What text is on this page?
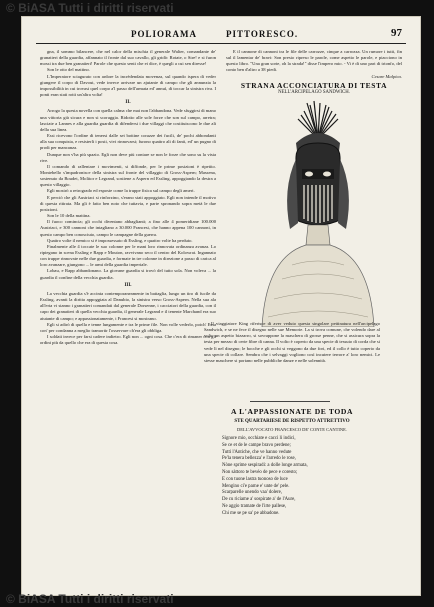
© BiASA Tutti i diritti riservati
POLIORAMA	PITTORESCO.	97

gna, il sommo bilancere, che nel calor della mischia il generale Walter, comandante de' granatieri della guardia, affannato il fronte dal suo cavallo, gli gridò: Rotate, o Sire! e si furon mossi tra due ben granatieri! Parole che questo senti che ei dice, è quegli a cui sen diresse!

Son le otto del mattino.

L'Imperatore sciagurato con ardore la incrèdendata movenza, sul quando ispera di veder giungere il corpo di Davout, vede invece arrivare un ajutante di campo che gli annunzia la impossibilità in cui trovasi quel corpo a'l passo dell'armata ed' annuì, di toccar la sinistra riva. I ponti eran stati rotti un'altra volta!

II.

Arrogo la questa novella con quella calma che mai non l'abbandona. Vede sfuggirsi di mano una vittoria già sicura e non si scoraggia. Ridotto alle sole forze che son sul campo, arretra; lasciate a Lannes e alla guardia guardia di difendersi i due villaggi che costituiscono le due ali della sua linea.

Essi ricevono l'ordine di tenersi dalle sei bottine corazze dei fucili, de' pochi abbondanti alla sua conquista, e resisterli i posti, vivi rinnovarsi; furono quattro ali di fanti, ed' un pugno di prodi per mancanza.

Dunque non v'ha più spazio. Egli non deve più contare se non le forze che sono su la vista rive.

Il comando di rallentare i movimenti, si diffonde, per le prime posizioni è ripetito. Montebello s'impadronisce della sinistra sul fronte del villaggio di Gross-Aspern; Massena, sostenuto da Boudet, Molitor e Legrand, sostiene a Aspern ed Essling, appoggiando la destra a questo villaggio.

Egli mostrò a retrogrado ed esposte come la truppe fisica sul campo degli ameri.

E perciò che gli Austriaci si rinforzino, s'erano stati appoggiato. Egli non intende il motivo di questa ritirata. Ma gli è fatto ben noto che tuttavia, e parte spronando sopra metà le due posizioni.

Son le 10 della mattina.

Il fuoco comincia; gli occhi diventano abbaglianti; a fino alle 4 pomeridiane 100.000 Austriaci, e 300 cannoni che intagliano a 30.000 Francesi, che hanno appena 100 cannoni, in questo campo ben conosciuto, campo le campagne della guerra.

Quattro volte il nemico si è impossessato di Essling, e quattro volte ha perduto.

Finalmente alle 4 toccate le suo colonne per le mani loro rinnovata ordinanza avanza. Lo ripiegano in scena Essling e Rapp e Mouton, ravvivano seco il centro del Kolowrat. Ingannato con truppe rinnovate nelle due guardia, e formate in tre colonne in direzione a passo di carica al loro avanzare, giungono ... le armi della guardia imperiale.

Lobau, e Rapp abbandonano. La giovane guardia si trovò del tutto sola. Non voleva ... la guardia il confine della vecchia guardia.

III.

La vecchia guardia s'è accinta contemporaneamente in battaglia, lungo un tiro di fucile da Essling, avanti la diritta appoggiata al Danubio, la sinistra verso Gross-Aspern. Nella sua ala all'erta vi stanno i granatieri comandati dal generale Dorsenne, i cacciatori della guardia, con il capo dei granatieri di quella vecchia guardia, il generale Legrand e il tenente Marchand era suo aiutante di campo; e appassionatamente, i Francesi si mostrano.

Egli si adirò di quella e tenne lungamente e tra le prime file. Non volle vederlo, poich' Essa con' per condanna a meglio tramortir l'osservare ch'era gli obbliga.

I soldati invece per farsi cadere indietro. Egli non ... ogni cosa. Che c'era di rimaner con gli ordini più da quello che era di questa cosa.

E il cannone di cannoni tra le file delle carrozze, cinque a carrozza. Un rumore i tutti, fin sul il lamentar de' bravi: Son presto ripreso le parole, come aspetto le parole, e piacciono in questo libro. "Una gran sorte, oh la strada!" disse l'impero mio. - Vi è di uno pari di trionfo, del conto ben d'altro a 38 piedi.

Cesare Malpica.

STRANA ACCONCIATURA DI TESTA
NELL'ARCIPELAGO SANDWICH.

Il viaggiatore King riferisce di aver veduto questa singolare pettinatura nell'arcipelago Sandwich, e se ne fece il disegno nelle sue Memorie. La si trova comune, che volendo dare al volto un aspetto bizzarro, si sovrappone la maschera di grosse penne, che si assicura sopra la testa per mezzo di certe fibre di canna. Il volto è coperto da una specie di tessuto di corda che si vede lì nel disegno; le bocche e gli occhi si veggono da due fori, ed il collo è tutto coperto da una specie di collare. Sembra che i selvaggi vogliono così incutere terrore a' loro nemici. Le stesse maschere si portano nelle pubbliche danze e nelle solennità.

A L'APPASSIONATE DE TODA
STE QUARTARIESE DE RISPETTO ATTRETTIVO
DELL'AVVOCATO FRANCESCO DE' CONTE CANTINE.
Signore mio, occhiate e cacci li indici,
Se ce et de le campe bravo perdene;
Tutti l'Antiche, che ve hanno vedute
Pe'la tenera bellezza' e l'arredo le rose,
Nòne sprime sespiradi: a dolle longe armata,
Non sàttoro te bevéo de pece e coresto;
E con tuone lastra tuonoso de luce
Mengino ci'e parne e' unte de' pele.
Scarparelle unendo vaa' dolere,
De cu riciame a' sospirate a' de l'Aure,
Ne aggio tramate de l'irte pallese,
Chi me se pe sa' pe abbadone.
© BiASA Tutti i diritti riservati
